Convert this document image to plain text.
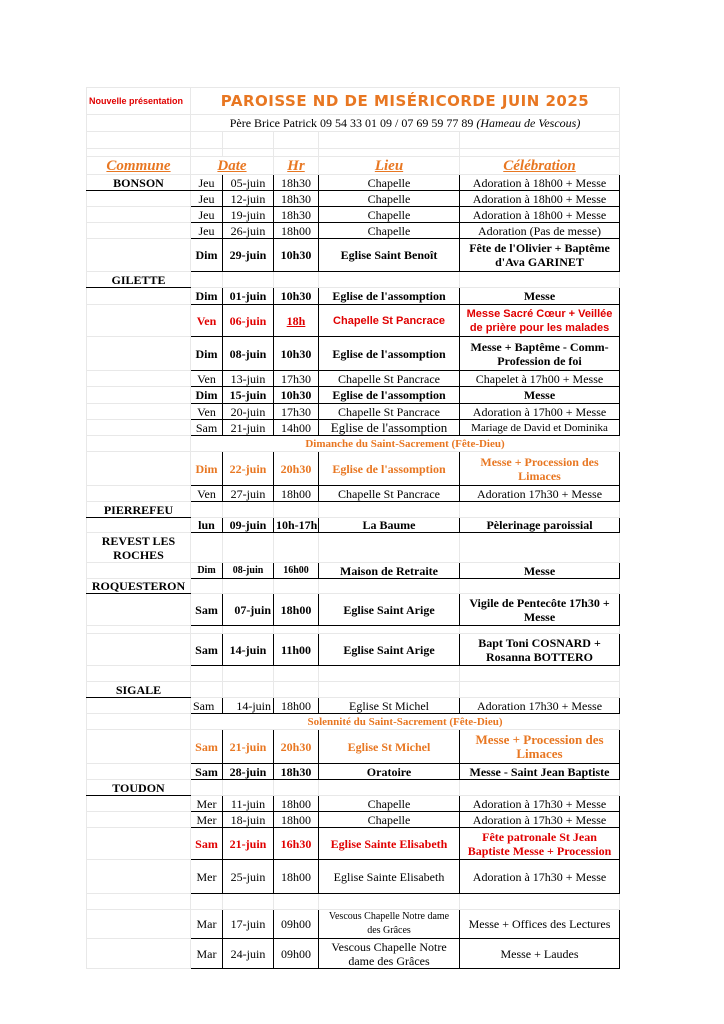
Nouvelle présentation	PAROISSE ND DE MISÉRICORDE JUIN 2025				
	Père Brice Patrick 09 54 33 01 09 / 07 69 59 77 89 (Hameau de Vescous)				

Commune	Date		Hr	Lieu	Célébration
BONSON	Jeu	05-juin	18h30	Chapelle	Adoration à 18h00 + Messe
	Jeu	12-juin	18h30	Chapelle	Adoration à 18h00 + Messe
	Jeu	19-juin	18h30	Chapelle	Adoration à 18h00 + Messe
	Jeu	26-juin	18h00	Chapelle	Adoration (Pas de messe)
	Dim	29-juin	10h30	Eglise Saint Benoît	Fête de l'Olivier + Baptême d'Ava GARINET
GILETTE					
	Dim	01-juin	10h30	Eglise de l'assomption	Messe
	Ven	06-juin	18h	Chapelle St Pancrace	Messe Sacré Cœur + Veillée de prière pour les malades
	Dim	08-juin	10h30	Eglise de l'assomption	Messe + Baptême - Comm- Profession de foi
	Ven	13-juin	17h30	Chapelle St Pancrace	Chapelet à 17h00 + Messe
	Dim	15-juin	10h30	Eglise de l'assomption	Messe
	Ven	20-juin	17h30	Chapelle St Pancrace	Adoration à 17h00 + Messe
	Sam	21-juin	14h00	Eglise de l'assomption	Mariage de David et Dominika
	Dimanche du Saint-Sacrement (Fête-Dieu)				
	Dim	22-juin	20h30	Eglise de l'assomption	Messe + Procession des Limaces
	Ven	27-juin	18h00	Chapelle St Pancrace	Adoration 17h30 + Messe
PIERREFEU					
	lun	09-juin	10h-17h	La Baume	Pèlerinage paroissial
REVEST LES ROCHES					
	Dim	08-juin	16h00	Maison de Retraite	Messe
ROQUESTERON					
	Sam	07-juin	18h00	Eglise Saint Arige	Vigile de Pentecôte 17h30 + Messe

	Sam	14-juin	11h00	Eglise Saint Arige	Bapt Toni COSNARD + Rosanna BOTTERO

SIGALE					
	Sam	14-juin	18h00	Eglise St Michel	Adoration 17h30 + Messe
	Solennité du Saint-Sacrement (Fête-Dieu)				
	Sam	21-juin	20h30	Eglise St Michel	Messe + Procession des Limaces
	Sam	28-juin	18h30	Oratoire	Messe - Saint Jean Baptiste
TOUDON					
	Mer	11-juin	18h00	Chapelle	Adoration à 17h30 + Messe
	Mer	18-juin	18h00	Chapelle	Adoration à 17h30 + Messe
	Sam	21-juin	16h30	Eglise Sainte Elisabeth	Fête patronale St Jean Baptiste Messe + Procession
	Mer	25-juin	18h00	Eglise Sainte Elisabeth	Adoration à 17h30 + Messe

	Mar	17-juin	09h00	Vescous Chapelle Notre dame des Grâces	Messe + Offices des Lectures
	Mar	24-juin	09h00	Vescous Chapelle Notre dame des Grâces	Messe + Laudes
